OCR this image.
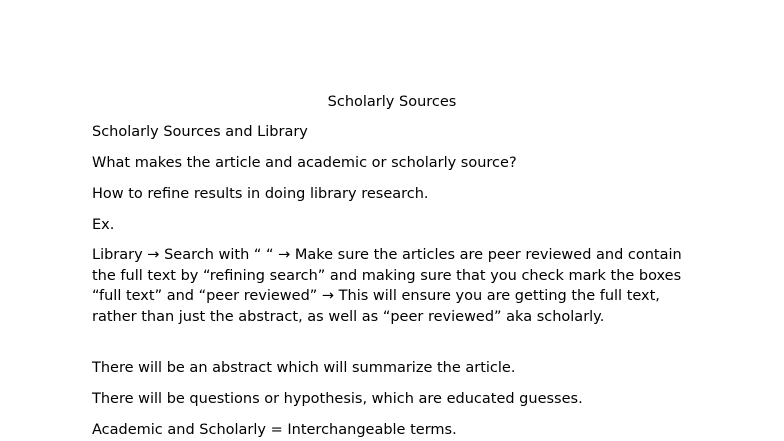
Scholarly Sources

Scholarly Sources and Library

What makes the article and academic or scholarly source?

How to refine results in doing library research.

Ex.

Library → Search with “ “ → Make sure the articles are peer reviewed and contain the full text by “refining search” and making sure that you check mark the boxes “full text” and “peer reviewed” → This will ensure you are getting the full text, rather than just the abstract, as well as “peer reviewed” aka scholarly.

There will be an abstract which will summarize the article.

There will be questions or hypothesis, which are educated guesses.

Academic and Scholarly = Interchangeable terms.
